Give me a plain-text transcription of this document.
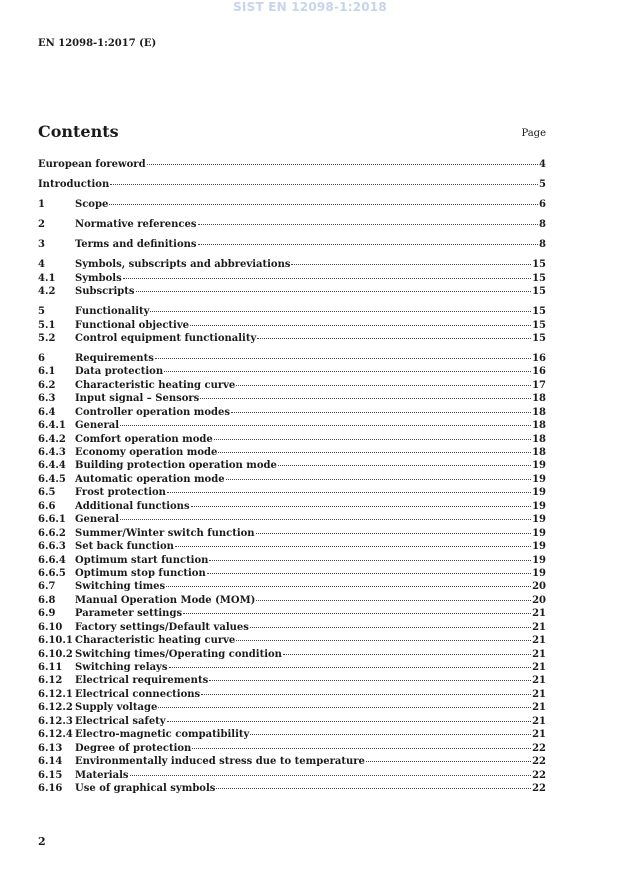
SIST EN 12098-1:2018
EN 12098-1:2017 (E)
Contents	Page
European foreword	4
Introduction	5
1	Scope	6
2	Normative references	8
3	Terms and definitions	8
4	Symbols, subscripts and abbreviations	15
4.1	Symbols	15
4.2	Subscripts	15
5	Functionality	15
5.1	Functional objective	15
5.2	Control equipment functionality	15
6	Requirements	16
6.1	Data protection	16
6.2	Characteristic heating curve	17
6.3	Input signal – Sensors	18
6.4	Controller operation modes	18
6.4.1 General	18
6.4.2 Comfort operation mode	18
6.4.3 Economy operation mode	18
6.4.4 Building protection operation mode	19
6.4.5 Automatic operation mode	19
6.5	Frost protection	19
6.6	Additional functions	19
6.6.1 General	19
6.6.2 Summer/Winter switch function	19
6.6.3 Set back function	19
6.6.4 Optimum start function	19
6.6.5 Optimum stop function	19
6.7	Switching times	20
6.8	Manual Operation Mode (MOM)	20
6.9	Parameter settings	21
6.10	Factory settings/Default values	21
6.10.1 Characteristic heating curve	21
6.10.2 Switching times/Operating condition	21
6.11	Switching relays	21
6.12	Electrical requirements	21
6.12.1 Electrical connections	21
6.12.2 Supply voltage	21
6.12.3 Electrical safety	21
6.12.4 Electro-magnetic compatibility	21
6.13	Degree of protection	22
6.14	Environmentally induced stress due to temperature	22
6.15	Materials	22
6.16	Use of graphical symbols	22
2
